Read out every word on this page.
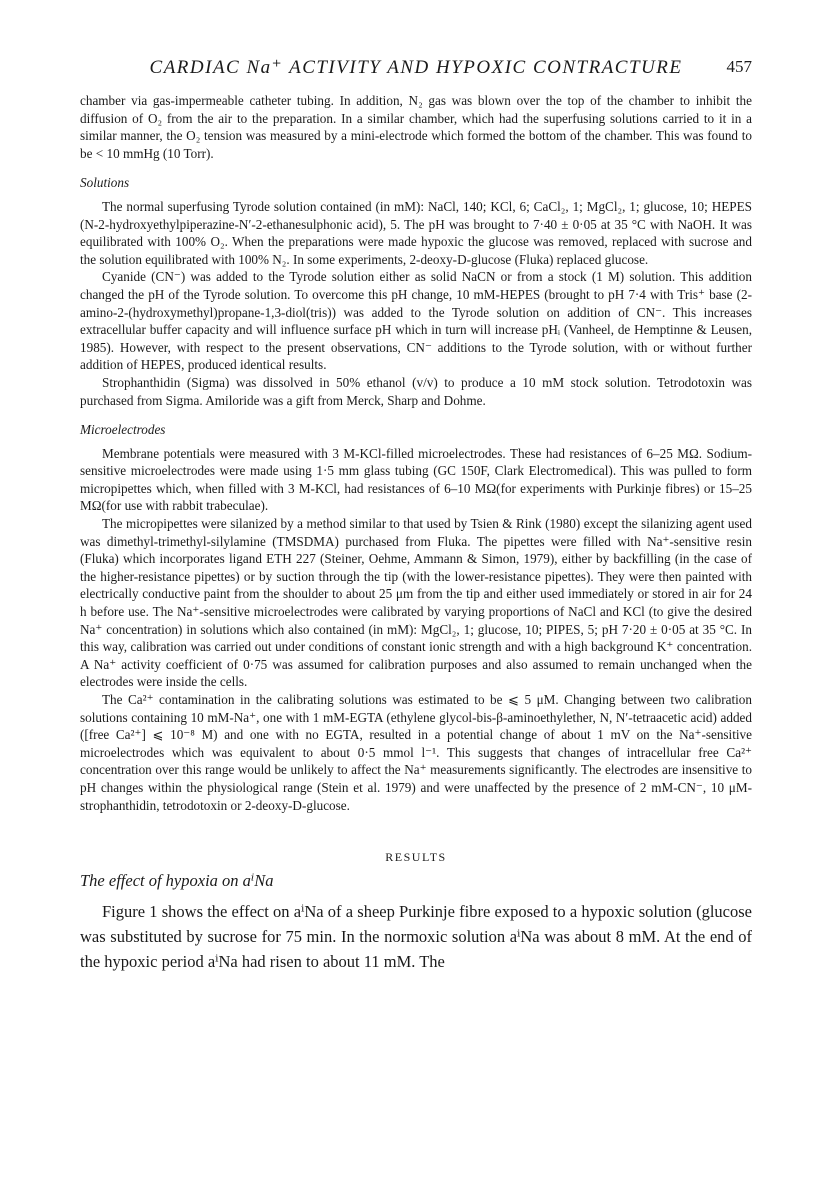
CARDIAC Na⁺ ACTIVITY AND HYPOXIC CONTRACTURE	457

chamber via gas-impermeable catheter tubing. In addition, N₂ gas was blown over the top of the chamber to inhibit the diffusion of O₂ from the air to the preparation. In a similar chamber, which had the superfusing solutions carried to it in a similar manner, the O₂ tension was measured by a mini-electrode which formed the bottom of the chamber. This was found to be < 10 mmHg (10 Torr).

Solutions

The normal superfusing Tyrode solution contained (in mM): NaCl, 140; KCl, 6; CaCl₂, 1; MgCl₂, 1; glucose, 10; HEPES (N-2-hydroxyethylpiperazine-N′-2-ethanesulphonic acid), 5. The pH was brought to 7·40 ± 0·05 at 35 °C with NaOH. It was equilibrated with 100% O₂. When the preparations were made hypoxic the glucose was removed, replaced with sucrose and the solution equilibrated with 100% N₂. In some experiments, 2-deoxy-D-glucose (Fluka) replaced glucose.

Cyanide (CN⁻) was added to the Tyrode solution either as solid NaCN or from a stock (1 M) solution. This addition changed the pH of the Tyrode solution. To overcome this pH change, 10 mM-HEPES (brought to pH 7·4 with Tris⁺ base (2-amino-2-(hydroxymethyl)propane-1,3-diol(tris)) was added to the Tyrode solution on addition of CN⁻. This increases extracellular buffer capacity and will influence surface pH which in turn will increase pHᵢ (Vanheel, de Hemptinne & Leusen, 1985). However, with respect to the present observations, CN⁻ additions to the Tyrode solution, with or without further addition of HEPES, produced identical results.

Strophanthidin (Sigma) was dissolved in 50% ethanol (v/v) to produce a 10 mM stock solution. Tetrodotoxin was purchased from Sigma. Amiloride was a gift from Merck, Sharp and Dohme.

Microelectrodes

Membrane potentials were measured with 3 M-KCl-filled microelectrodes. These had resistances of 6–25 MΩ. Sodium-sensitive microelectrodes were made using 1·5 mm glass tubing (GC 150F, Clark Electromedical). This was pulled to form micropipettes which, when filled with 3 M-KCl, had resistances of 6–10 MΩ(for experiments with Purkinje fibres) or 15–25 MΩ(for use with rabbit trabeculae).

The micropipettes were silanized by a method similar to that used by Tsien & Rink (1980) except the silanizing agent used was dimethyl-trimethyl-silylamine (TMSDMA) purchased from Fluka. The pipettes were filled with Na⁺-sensitive resin (Fluka) which incorporates ligand ETH 227 (Steiner, Oehme, Ammann & Simon, 1979), either by backfilling (in the case of the higher-resistance pipettes) or by suction through the tip (with the lower-resistance pipettes). They were then painted with electrically conductive paint from the shoulder to about 25 μm from the tip and either used immediately or stored in air for 24 h before use. The Na⁺-sensitive microelectrodes were calibrated by varying proportions of NaCl and KCl (to give the desired Na⁺ concentration) in solutions which also contained (in mM): MgCl₂, 1; glucose, 10; PIPES, 5; pH 7·20 ± 0·05 at 35 °C. In this way, calibration was carried out under conditions of constant ionic strength and with a high background K⁺ concentration. A Na⁺ activity coefficient of 0·75 was assumed for calibration purposes and also assumed to remain unchanged when the electrodes were inside the cells.

The Ca²⁺ contamination in the calibrating solutions was estimated to be ⩽ 5 μM. Changing between two calibration solutions containing 10 mM-Na⁺, one with 1 mM-EGTA (ethylene glycol-bis-β-aminoethylether, N, N′-tetraacetic acid) added ([free Ca²⁺] ⩽ 10⁻⁸ M) and one with no EGTA, resulted in a potential change of about 1 mV on the Na⁺-sensitive microelectrodes which was equivalent to about 0·5 mmol l⁻¹. This suggests that changes of intracellular free Ca²⁺ concentration over this range would be unlikely to affect the Na⁺ measurements significantly. The electrodes are insensitive to pH changes within the physiological range (Stein et al. 1979) and were unaffected by the presence of 2 mM-CN⁻, 10 μM-strophanthidin, tetrodotoxin or 2-deoxy-D-glucose.

RESULTS
The effect of hypoxia on aⁱNa

Figure 1 shows the effect on aⁱNa of a sheep Purkinje fibre exposed to a hypoxic solution (glucose was substituted by sucrose for 75 min. In the normoxic solution aⁱNa was about 8 mM. At the end of the hypoxic period aⁱNa had risen to about 11 mM. The
